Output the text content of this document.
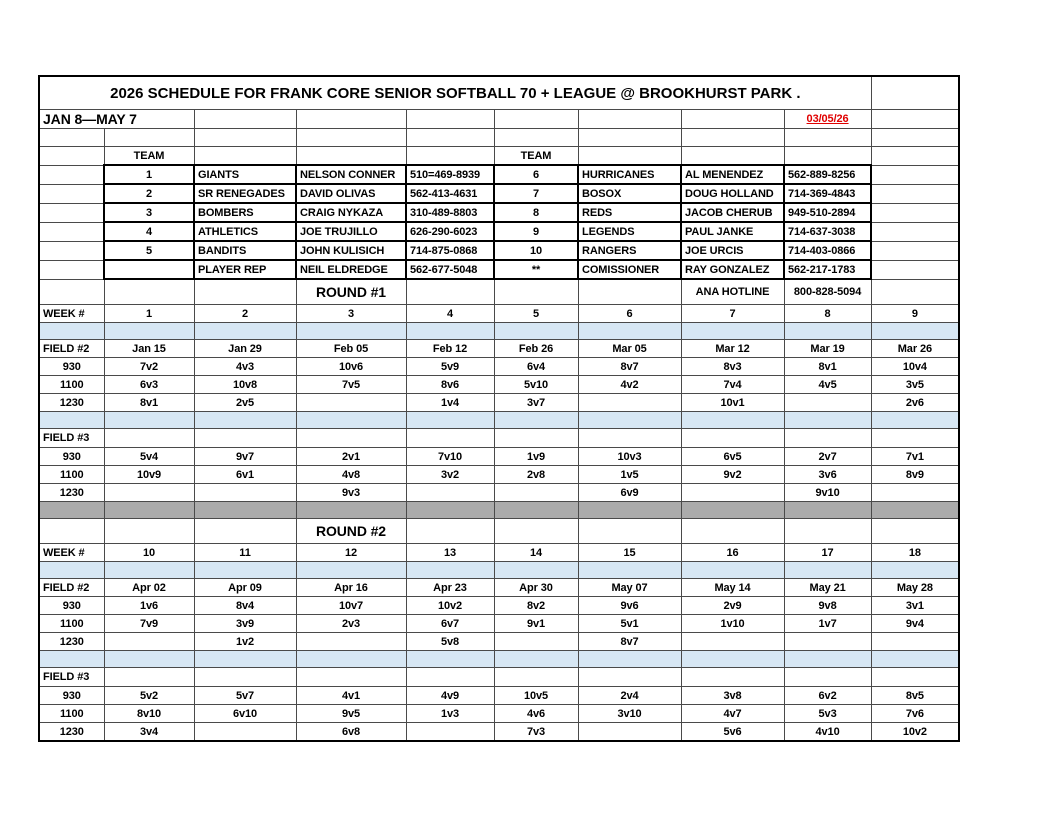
2026 SCHEDULE FOR FRANK CORE SENIOR SOFTBALL 70 + LEAGUE @ BROOKHURST PARK .									
JAN 8—MAY 7								03/05/26	

	TEAM				TEAM				
	1	GIANTS	NELSON CONNER	510=469-8939	6	HURRICANES	AL MENENDEZ	562-889-8256	
	2	SR RENEGADES	DAVID OLIVAS	562-413-4631	7	BOSOX	DOUG HOLLAND	714-369-4843	
	3	BOMBERS	CRAIG NYKAZA	310-489-8803	8	REDS	JACOB CHERUB	949-510-2894	
	4	ATHLETICS	JOE TRUJILLO	626-290-6023	9	LEGENDS	PAUL JANKE	714-637-3038	
	5	BANDITS	JOHN KULISICH	714-875-0868	10	RANGERS	JOE URCIS	714-403-0866	
		PLAYER REP	NEIL ELDREDGE	562-677-5048	**	COMISSIONER	RAY GONZALEZ	562-217-1783	
			ROUND #1				ANA HOTLINE	800-828-5094	
WEEK #	1	2	3	4	5	6	7	8	9

FIELD #2	Jan 15	Jan 29	Feb 05	Feb 12	Feb 26	Mar 05	Mar 12	Mar 19	Mar 26
930	7v2	4v3	10v6	5v9	6v4	8v7	8v3	8v1	10v4
1100	6v3	10v8	7v5	8v6	5v10	4v2	7v4	4v5	3v5
1230	8v1	2v5		1v4	3v7		10v1		2v6

FIELD #3									
930	5v4	9v7	2v1	7v10	1v9	10v3	6v5	2v7	7v1
1100	10v9	6v1	4v8	3v2	2v8	1v5	9v2	3v6	8v9
1230			9v3			6v9		9v10	

			ROUND #2						
WEEK #	10	11	12	13	14	15	16	17	18

FIELD #2	Apr 02	Apr 09	Apr 16	Apr 23	Apr 30	May 07	May 14	May 21	May 28
930	1v6	8v4	10v7	10v2	8v2	9v6	2v9	9v8	3v1
1100	7v9	3v9	2v3	6v7	9v1	5v1	1v10	1v7	9v4
1230		1v2		5v8		8v7			

FIELD #3									
930	5v2	5v7	4v1	4v9	10v5	2v4	3v8	6v2	8v5
1100	8v10	6v10	9v5	1v3	4v6	3v10	4v7	5v3	7v6
1230	3v4		6v8		7v3		5v6	4v10	10v2
